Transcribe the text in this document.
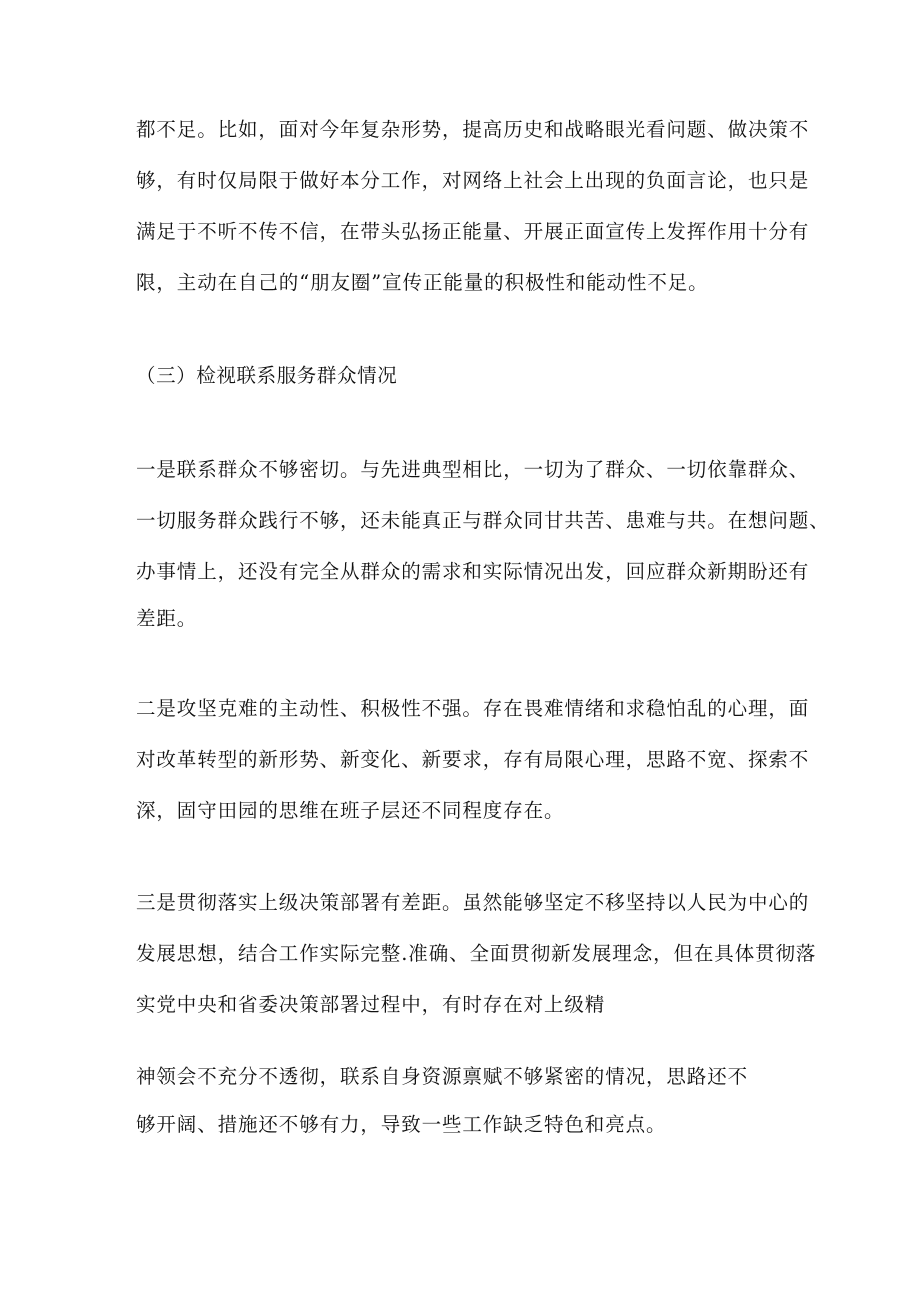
都不足。比如，面对今年复杂形势，提高历史和战略眼光看问题、做决策不
够，有时仅局限于做好本分工作，对网络上社会上出现的负面言论，也只是
满足于不听不传不信，在带头弘扬正能量、开展正面宣传上发挥作用十分有
限，主动在自己的“朋友圈”宣传正能量的积极性和能动性不足。
（三）检视联系服务群众情况
一是联系群众不够密切。与先进典型相比，一切为了群众、一切依靠群众、
一切服务群众践行不够，还未能真正与群众同甘共苦、患难与共。在想问题、
办事情上，还没有完全从群众的需求和实际情况出发，回应群众新期盼还有
差距。
二是攻坚克难的主动性、积极性不强。存在畏难情绪和求稳怕乱的心理，面
对改革转型的新形势、新变化、新要求，存有局限心理，思路不宽、探索不
深，固守田园的思维在班子层还不同程度存在。
三是贯彻落实上级决策部署有差距。虽然能够坚定不移坚持以人民为中心的
发展思想，结合工作实际完整.准确、全面贯彻新发展理念，但在具体贯彻落
实党中央和省委决策部署过程中，有时存在对上级精
神领会不充分不透彻，联系自身资源禀赋不够紧密的情况，思路还不
够开阔、措施还不够有力，导致一些工作缺乏特色和亮点。
